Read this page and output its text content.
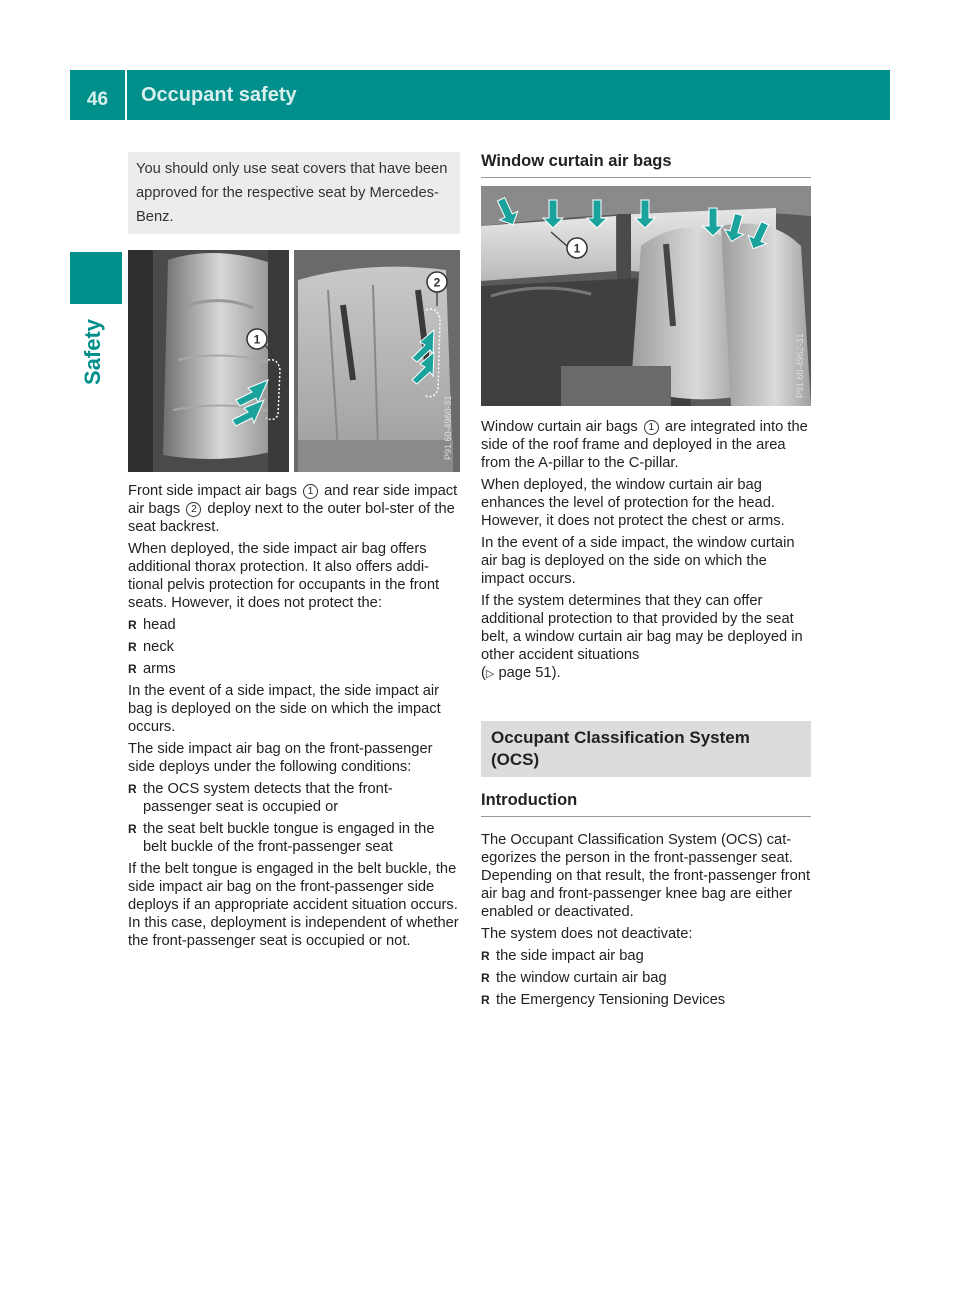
46	Occupant safety
Safety
You should only use seat covers that have been approved for the respective seat by Mercedes-Benz.
1
2
P91.60-4960-31

Front side impact air bags 1 and rear side impact air bags 2 deploy next to the outer bol-ster of the seat backrest.

When deployed, the side impact air bag offers additional thorax protection. It also offers addi-tional pelvis protection for occupants in the front seats. However, it does not protect the:

R head
R neck
R arms

In the event of a side impact, the side impact air bag is deployed on the side on which the impact occurs.

The side impact air bag on the front-passenger side deploys under the following conditions:

R the OCS system detects that the front-passenger seat is occupied or
R the seat belt buckle tongue is engaged in the belt buckle of the front-passenger seat

If the belt tongue is engaged in the belt buckle, the side impact air bag on the front-passenger side deploys if an appropriate accident situation occurs. In this case, deployment is independent of whether the front-passenger seat is occupied or not.

Window curtain air bags
1
P91.60-4962-31

Window curtain air bags 1 are integrated into the side of the roof frame and deployed in the area from the A-pillar to the C-pillar.

When deployed, the window curtain air bag enhances the level of protection for the head. However, it does not protect the chest or arms.

In the event of a side impact, the window curtain air bag is deployed on the side on which the impact occurs.

If the system determines that they can offer additional protection to that provided by the seat belt, a window curtain air bag may be deployed in other accident situations
(▷ page 51).

Occupant Classification System (OCS)
Introduction

The Occupant Classification System (OCS) cat-egorizes the person in the front-passenger seat. Depending on that result, the front-passenger front air bag and front-passenger knee bag are either enabled or deactivated.

The system does not deactivate:

R the side impact air bag
R the window curtain air bag
R the Emergency Tensioning Devices
